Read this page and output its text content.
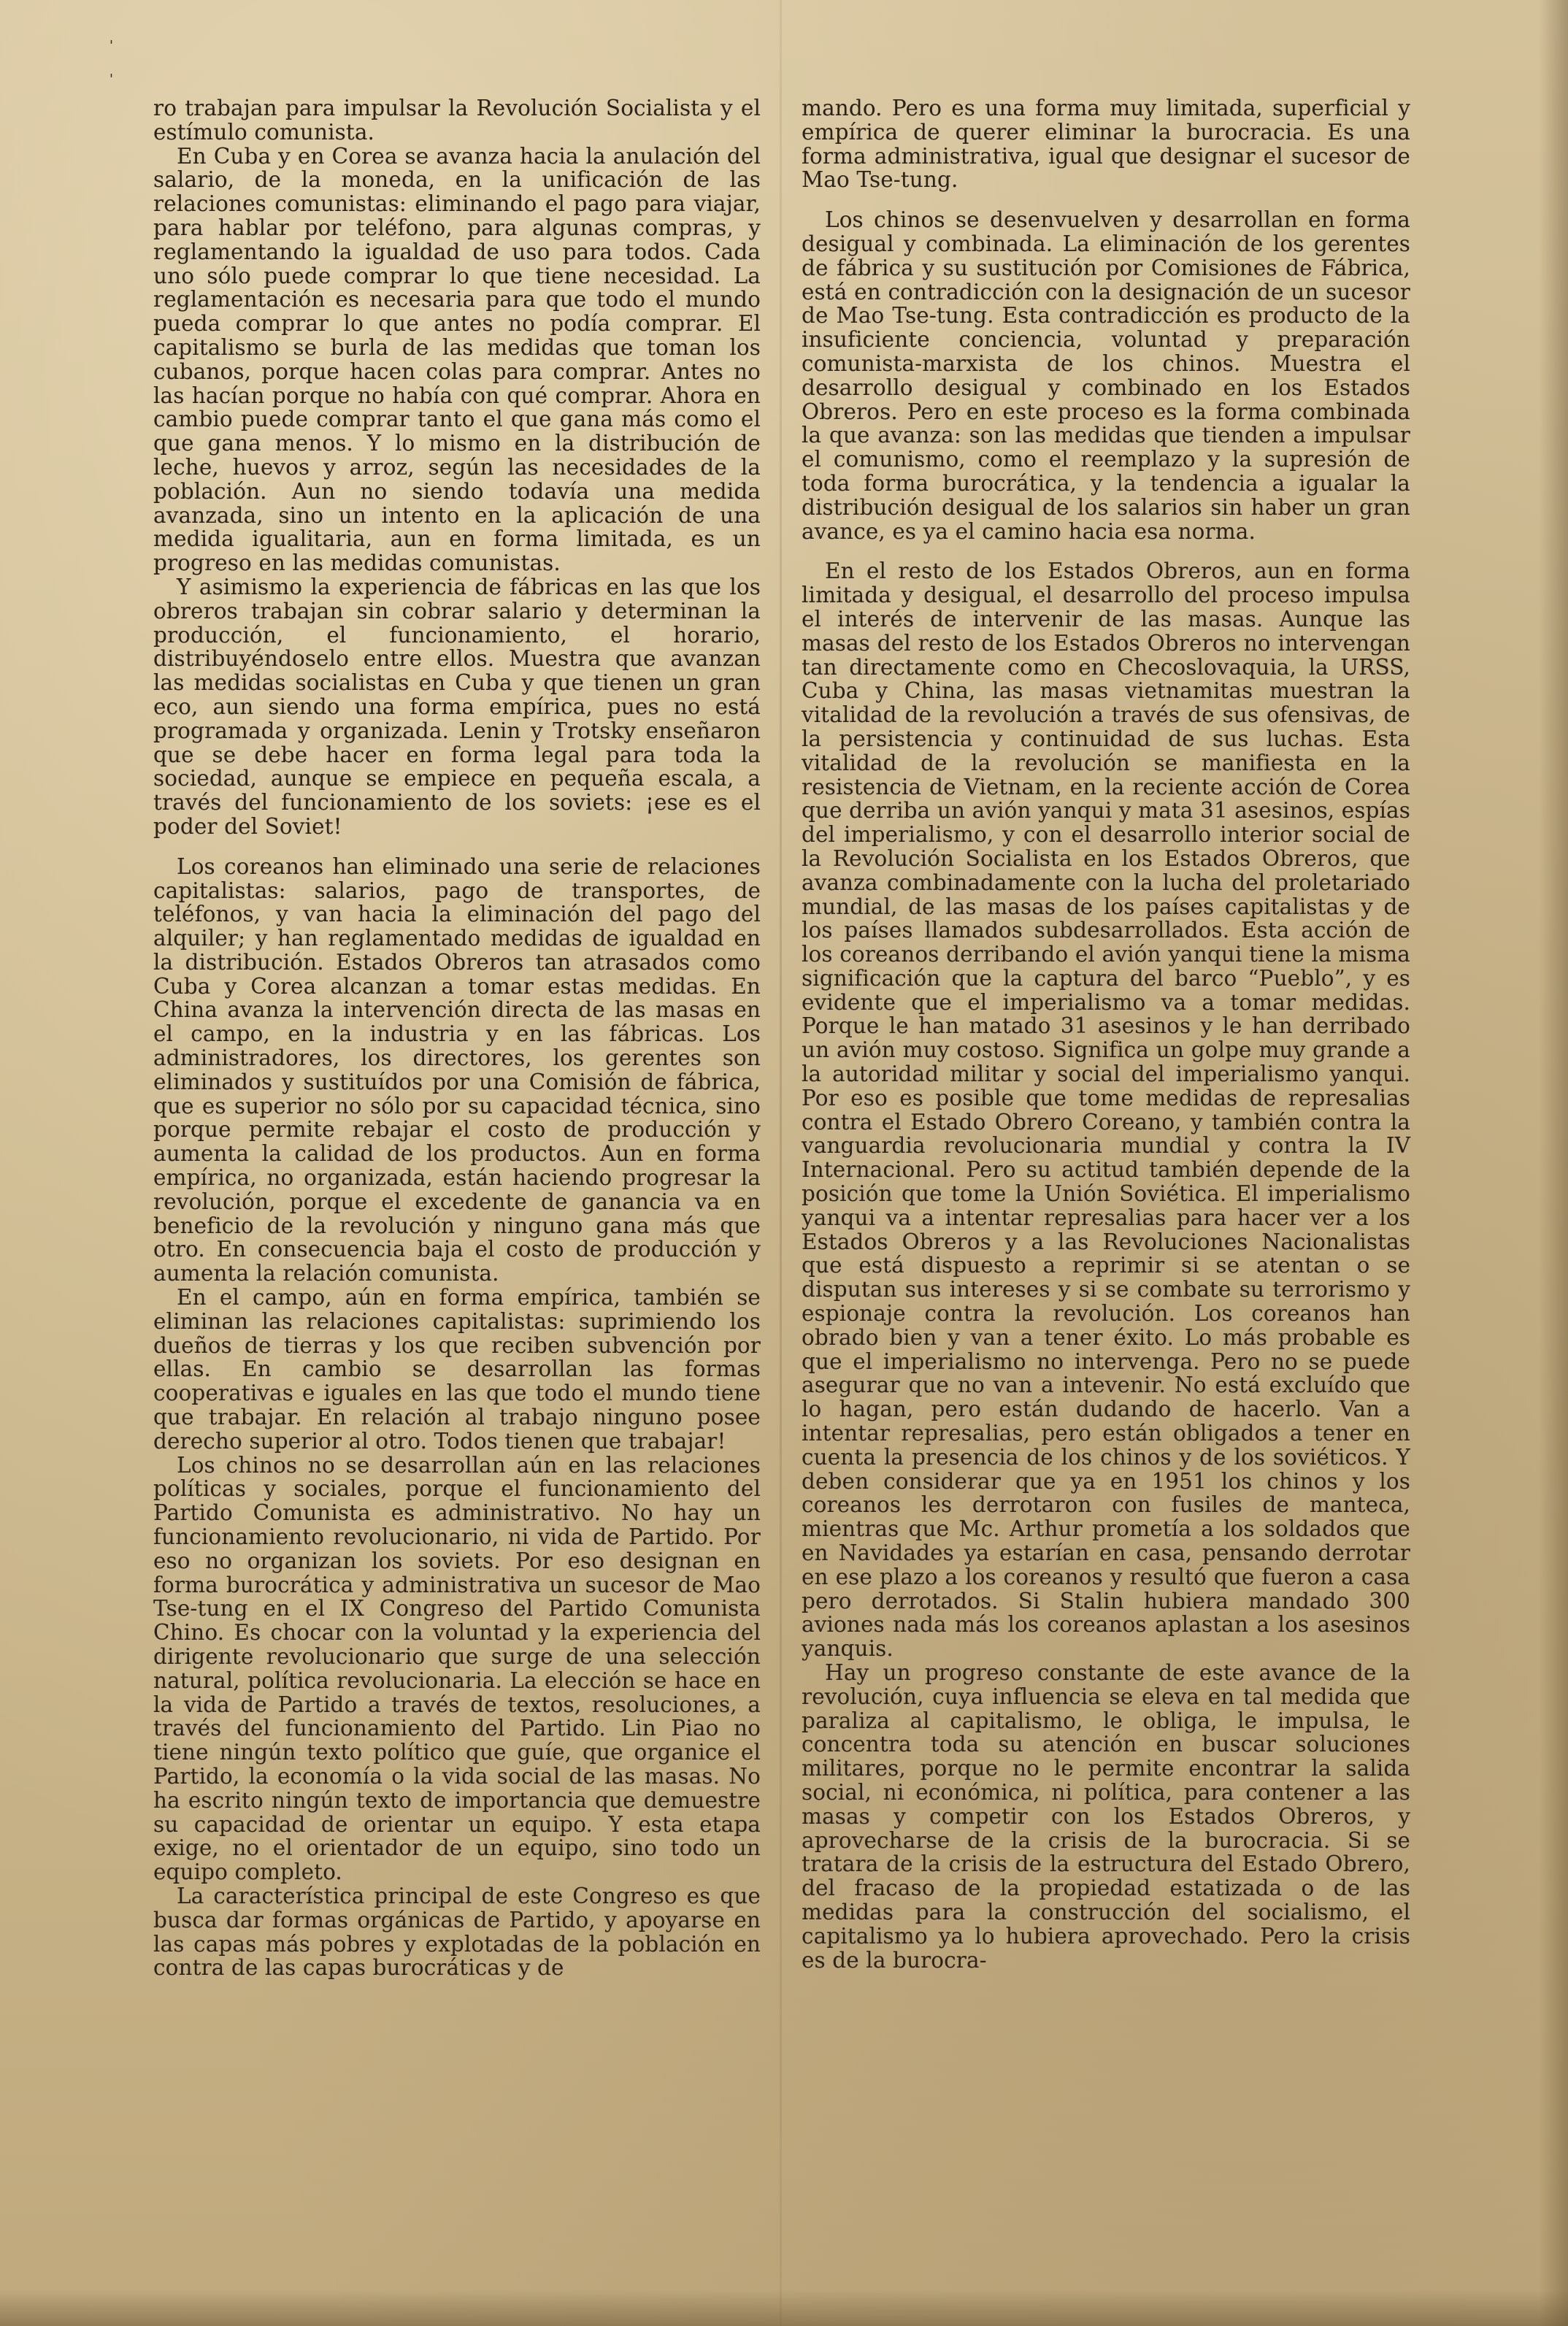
'
'

ro trabajan para impulsar la Revolución Socialista y el estímulo comunista.

En Cuba y en Corea se avanza hacia la anulación del salario, de la moneda, en la unificación de las relaciones comunistas: eliminando el pago para viajar, para hablar por teléfono, para algunas compras, y reglamentando la igualdad de uso para todos. Cada uno sólo puede comprar lo que tiene necesidad. La reglamentación es necesaria para que todo el mundo pueda comprar lo que antes no podía comprar. El capitalismo se burla de las medidas que toman los cubanos, porque hacen colas para comprar. Antes no las hacían porque no había con qué comprar. Ahora en cambio puede comprar tanto el que gana más como el que gana menos. Y lo mismo en la distribución de leche, huevos y arroz, según las necesidades de la población. Aun no siendo todavía una medida avanzada, sino un intento en la aplicación de una medida igualitaria, aun en forma limitada, es un progreso en las medidas comunistas.

Y asimismo la experiencia de fábricas en las que los obreros trabajan sin cobrar salario y determinan la producción, el funcionamiento, el horario, distribuyéndoselo entre ellos. Muestra que avanzan las medidas socialistas en Cuba y que tienen un gran eco, aun siendo una forma empírica, pues no está programada y organizada. Lenin y Trotsky enseñaron que se debe hacer en forma legal para toda la sociedad, aunque se empiece en pequeña escala, a través del funcionamiento de los soviets: ¡ese es el poder del Soviet!

Los coreanos han eliminado una serie de relaciones capitalistas: salarios, pago de transportes, de teléfonos, y van hacia la eliminación del pago del alquiler; y han reglamentado medidas de igualdad en la distribución. Estados Obreros tan atrasados como Cuba y Corea alcanzan a tomar estas medidas. En China avanza la intervención directa de las masas en el campo, en la industria y en las fábricas. Los administradores, los directores, los gerentes son eliminados y sustituídos por una Comisión de fábrica, que es superior no sólo por su capacidad técnica, sino porque permite rebajar el costo de producción y aumenta la calidad de los productos. Aun en forma empírica, no organizada, están haciendo progresar la revolución, porque el excedente de ganancia va en beneficio de la revolución y ninguno gana más que otro. En consecuencia baja el costo de producción y aumenta la relación comunista.

En el campo, aún en forma empírica, también se eliminan las relaciones capitalistas: suprimiendo los dueños de tierras y los que reciben subvención por ellas. En cambio se desarrollan las formas cooperativas e iguales en las que todo el mundo tiene que trabajar. En relación al trabajo ninguno posee derecho superior al otro. Todos tienen que trabajar!

Los chinos no se desarrollan aún en las relaciones políticas y sociales, porque el funcionamiento del Partido Comunista es administrativo. No hay un funcionamiento revolucionario, ni vida de Partido. Por eso no organizan los soviets. Por eso designan en forma burocrática y administrativa un sucesor de Mao Tse-tung en el IX Congreso del Partido Comunista Chino. Es chocar con la voluntad y la experiencia del dirigente revolucionario que surge de una selección natural, política revolucionaria. La elección se hace en la vida de Partido a través de textos, resoluciones, a través del funcionamiento del Partido. Lin Piao no tiene ningún texto político que guíe, que organice el Partido, la economía o la vida social de las masas. No ha escrito ningún texto de importancia que demuestre su capacidad de orientar un equipo. Y esta etapa exige, no el orientador de un equipo, sino todo un equipo completo.

La característica principal de este Congreso es que busca dar formas orgánicas de Partido, y apoyarse en las capas más pobres y explotadas de la población en contra de las capas burocráticas y de

mando. Pero es una forma muy limitada, superficial y empírica de querer eliminar la burocracia. Es una forma administrativa, igual que designar el sucesor de Mao Tse-tung.

Los chinos se desenvuelven y desarrollan en forma desigual y combinada. La eliminación de los gerentes de fábrica y su sustitución por Comisiones de Fábrica, está en contradicción con la designación de un sucesor de Mao Tse-tung. Esta contradicción es producto de la insuficiente conciencia, voluntad y preparación comunista-marxista de los chinos. Muestra el desarrollo desigual y combinado en los Estados Obreros. Pero en este proceso es la forma combinada la que avanza: son las medidas que tienden a impulsar el comunismo, como el reemplazo y la supresión de toda forma burocrática, y la tendencia a igualar la distribución desigual de los salarios sin haber un gran avance, es ya el camino hacia esa norma.

En el resto de los Estados Obreros, aun en forma limitada y desigual, el desarrollo del proceso impulsa el interés de intervenir de las masas. Aunque las masas del resto de los Estados Obreros no intervengan tan directamente como en Checoslovaquia, la URSS, Cuba y China, las masas vietnamitas muestran la vitalidad de la revolución a través de sus ofensivas, de la persistencia y continuidad de sus luchas. Esta vitalidad de la revolución se manifiesta en la resistencia de Vietnam, en la reciente acción de Corea que derriba un avión yanqui y mata 31 asesinos, espías del imperialismo, y con el desarrollo interior social de la Revolución Socialista en los Estados Obreros, que avanza combinadamente con la lucha del proletariado mundial, de las masas de los países capitalistas y de los países llamados subdesarrollados. Esta acción de los coreanos derribando el avión yanqui tiene la misma significación que la captura del barco “Pueblo”, y es evidente que el imperialismo va a tomar medidas. Porque le han matado 31 asesinos y le han derribado un avión muy costoso. Significa un golpe muy grande a la autoridad militar y social del imperialismo yanqui. Por eso es posible que tome medidas de represalias contra el Estado Obrero Coreano, y también contra la vanguardia revolucionaria mundial y contra la IV Internacional. Pero su actitud también depende de la posición que tome la Unión Soviética. El imperialismo yanqui va a intentar represalias para hacer ver a los Estados Obreros y a las Revoluciones Nacionalistas que está dispuesto a reprimir si se atentan o se disputan sus intereses y si se combate su terrorismo y espionaje contra la revolución. Los coreanos han obrado bien y van a tener éxito. Lo más probable es que el imperialismo no intervenga. Pero no se puede asegurar que no van a intevenir. No está excluído que lo hagan, pero están dudando de hacerlo. Van a intentar represalias, pero están obligados a tener en cuenta la presencia de los chinos y de los soviéticos. Y deben considerar que ya en 1951 los chinos y los coreanos les derrotaron con fusiles de manteca, mientras que Mc. Arthur prometía a los soldados que en Navidades ya estarían en casa, pensando derrotar en ese plazo a los coreanos y resultó que fueron a casa pero derrotados. Si Stalin hubiera mandado 300 aviones nada más los coreanos aplastan a los asesinos yanquis.

Hay un progreso constante de este avance de la revolución, cuya influencia se eleva en tal medida que paraliza al capitalismo, le obliga, le impulsa, le concentra toda su atención en buscar soluciones militares, porque no le permite encontrar la salida social, ni económica, ni política, para contener a las masas y competir con los Estados Obreros, y aprovecharse de la crisis de la burocracia. Si se tratara de la crisis de la estructura del Estado Obrero, del fracaso de la propiedad estatizada o de las medidas para la construcción del socialismo, el capitalismo ya lo hubiera aprovechado. Pero la crisis es de la burocra-
